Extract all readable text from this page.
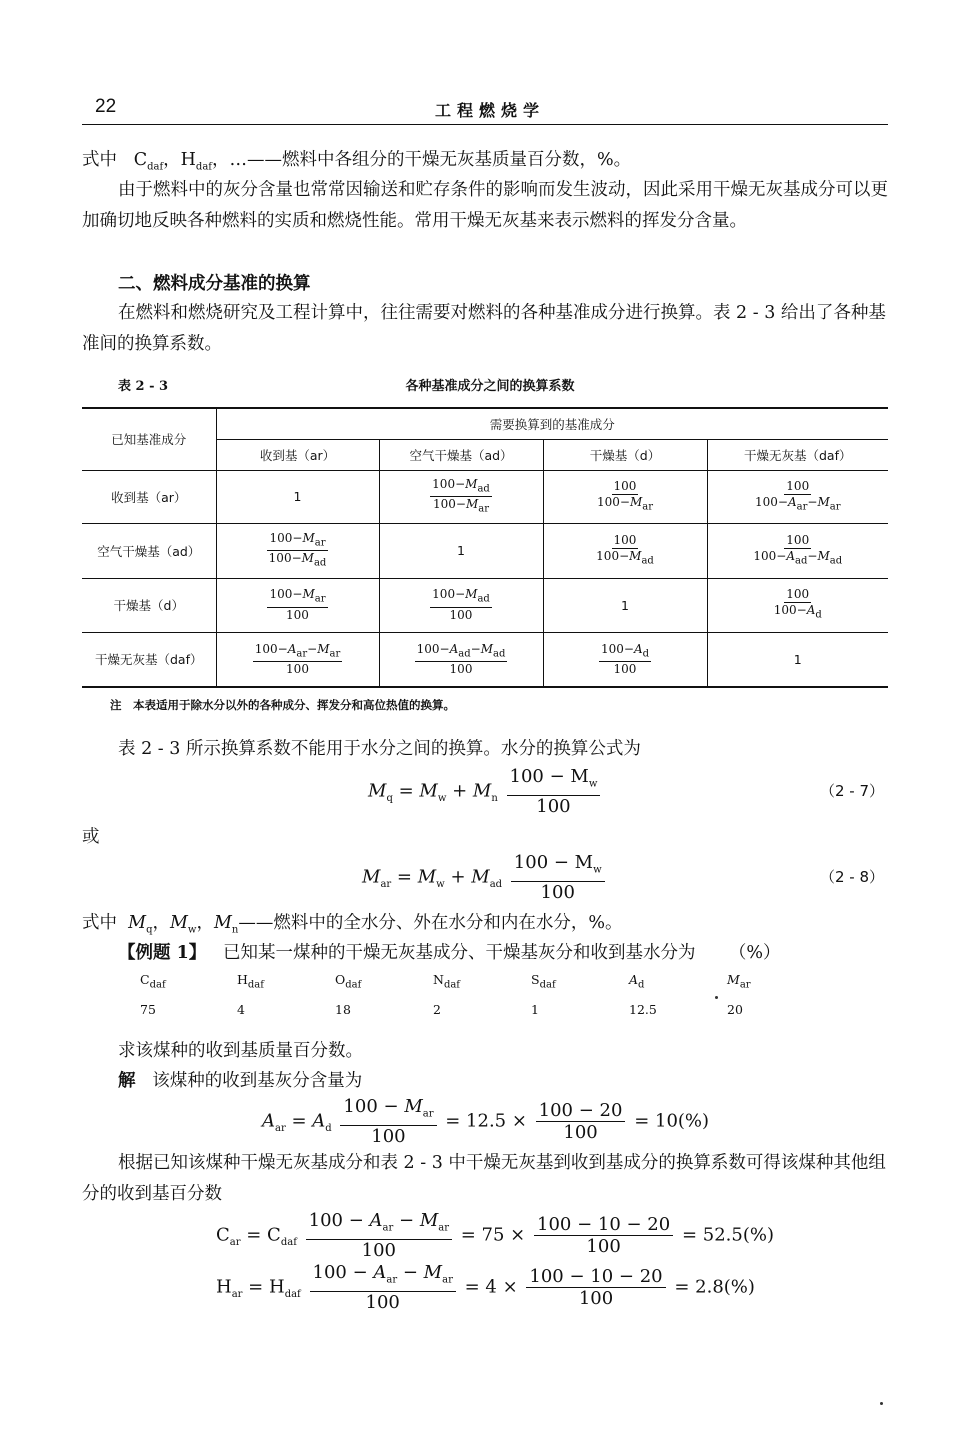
22	工程燃烧学
式中   $C_{daf}$，$H_{daf}$，…——燃料中各组分的干燥无灰基质量百分数，%。
由于燃料中的灰分含量也常常因输送和贮存条件的影响而发生波动，因此采用干燥无灰基成分可以更加确切地反映各种燃料的实质和燃烧性能。常用干燥无灰基来表示燃料的挥发分含量。
二、燃料成分基准的换算
在燃料和燃烧研究及工程计算中，往往需要对燃料的各种基准成分进行换算。表 2 - 3 给出了各种基准间的换算系数。
表 2 - 3	各种基准成分之间的换算系数
已知基准成分	需要换算到的基准成分			
	收到基（ar）	空气干燥基（ad）	干燥基（d）	干燥无灰基（daf）
收到基（ar）	1	$\frac{100-M_{ad}}{100-M_{ar}}$	$\frac{100}{100-M_{ar}}$	$\frac{100}{100-A_{ar}-M_{ar}}$

空气干燥基（ad）	$\frac{100-M_{ar}}{100-M_{ad}}$	1	$\frac{100}{100-M_{ad}}$	$\frac{100}{100-A_{ad}-M_{ad}}$

干燥基（d）	$\frac{100-M_{ar}}{100}$	$\frac{100-M_{ad}}{100}$	1	$\frac{100}{100-A_d}$

干燥无灰基（daf）	$\frac{100-A_{ar}-M_{ar}}{100}$	$\frac{100-A_{ad}-M_{ad}}{100}$	$\frac{100-A_d}{100}$	1
注　本表适用于除水分以外的各种成分、挥发分和高位热值的换算。
表 2 - 3 所示换算系数不能用于水分之间的换算。水分的换算公式为
$M_q = M_w + M_n \frac{100 - M_w}{100}$	（2 - 7）
或
$M_{ar} = M_w + M_{ad} \frac{100 - M_w}{100}$	（2 - 8）
式中 $M_q$，$M_w$，$M_n——$燃料中的全水分、外在水分和内在水分，%。
【例题 1】 已知某一煤种的干燥无灰基成分、干燥基灰分和收到基水分为 （%）
$C_{daf}$	$H_{daf}$	$O_{daf}$	$N_{daf}$	$S_{daf}$	$A_d$	$M_{ar}$
75	4	18	2	1	12.5	20
求该煤种的收到基质量百分数。
解 该煤种的收到基灰分含量为
$A_{ar} = A_d \frac{100 - M_{ar}}{100} = 12.5 \times \frac{100 - 20}{100} = 10(\%)$
根据已知该煤种干燥无灰基成分和表 2 - 3 中干燥无灰基到收到基成分的换算系数可得该煤种其他组分的收到基百分数
$C_{ar} = C_{daf} \frac{100 - A_{ar} - M_{ar}}{100} = 75 \times \frac{100 - 10 - 20}{100} = 52.5(\%)$
$H_{ar} = H_{daf} \frac{100 - A_{ar} - M_{ar}}{100} = 4 \times \frac{100 - 10 - 20}{100} = 2.8(\%)$
